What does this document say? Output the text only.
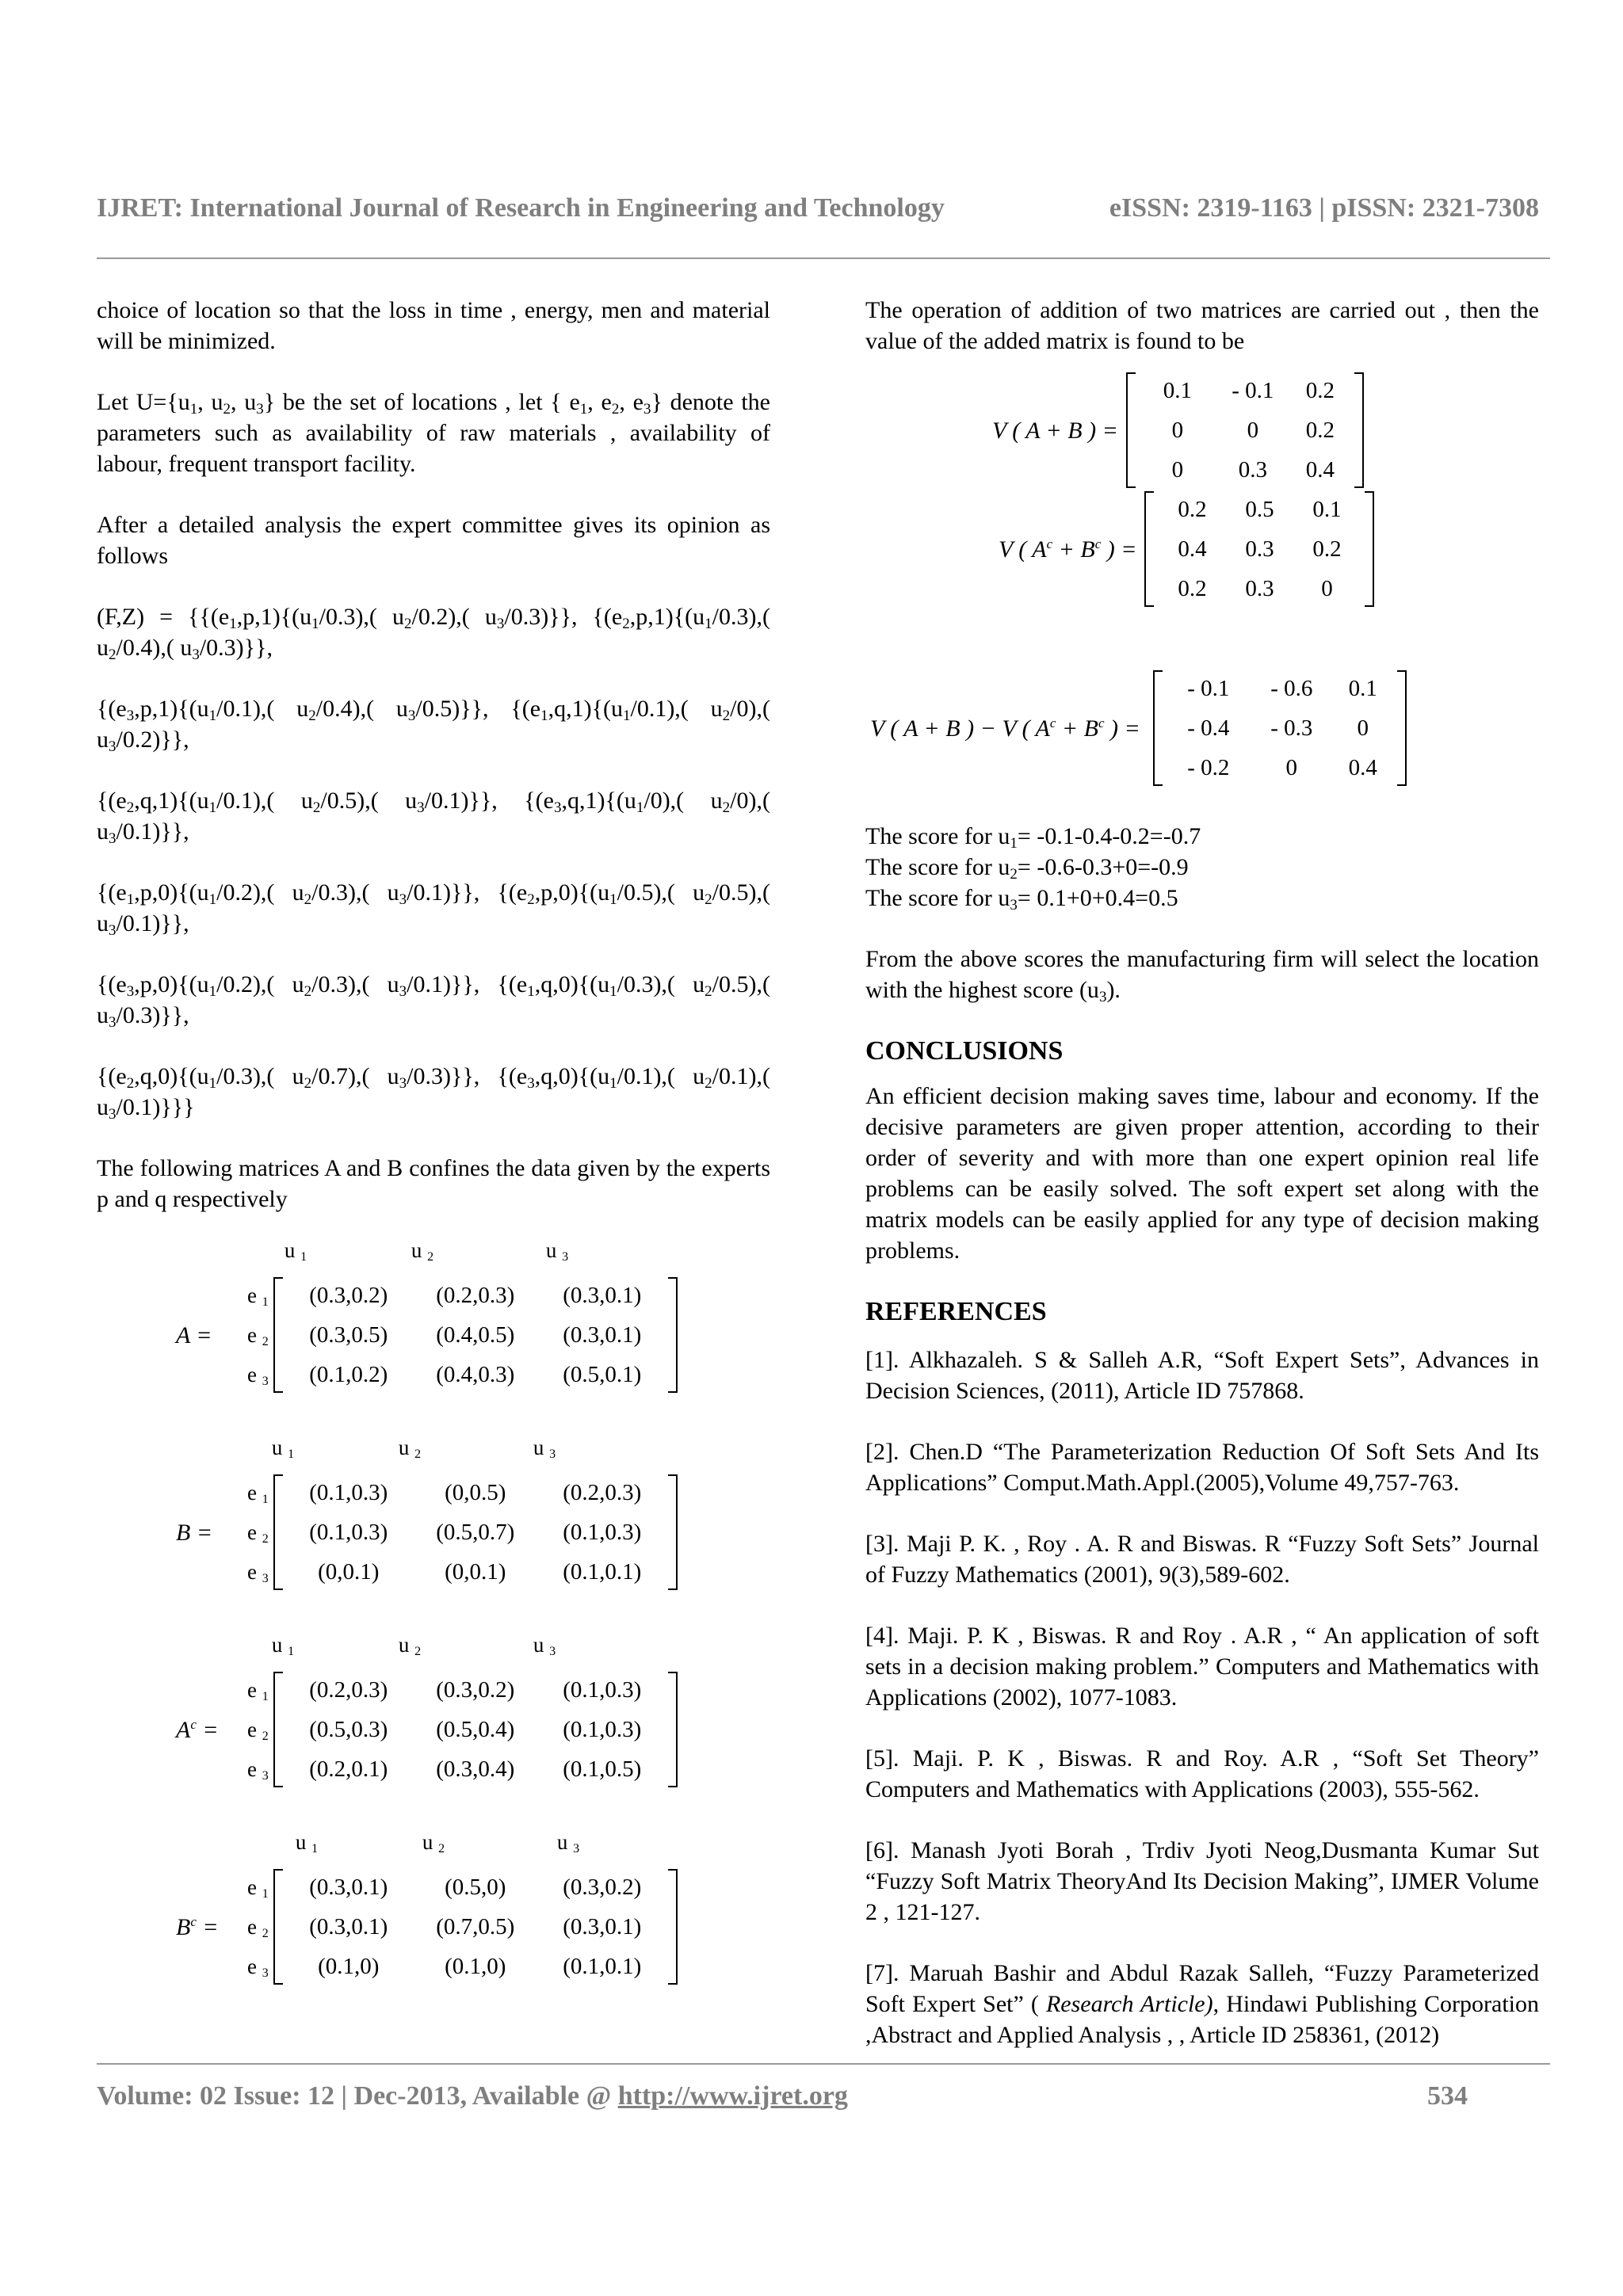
IJRET: International Journal of Research in Engineering and Technology	eISSN: 2319-1163 | pISSN: 2321-7308

choice of location so that the loss in time , energy, men and material will be minimized.

Let $U=\{u_1$, $u_2$, $u_3$} be the set of locations , let { $e_1$, $e_2$, $e_3$} denote the parameters such as availability of raw materials , availability of labour, frequent transport facility.

After a detailed analysis the expert committee gives its opinion as follows

$(F,Z) = \{\{(e_1,p,1)\{(u_1/0.3)$,( $u_2/0.2$),( $u_3/0.3$)}}, {$(e_2,p,1)\{(u_1/0.3)$,( $u_2/0.4$),( $u_3/0.3$)}},

{$(e_3,p,1)\{(u_1/0.1)$,( $u_2/0.4$),( $u_3/0.5$)}}, {$(e_1,q,1)\{(u_1/0.1)$,( $u_2/0$),( $u_3/0.2$)}},

{$(e_2,q,1)\{(u_1/0.1)$,( $u_2/0.5$),( $u_3/0.1$)}}, {$(e_3,q,1)\{(u_1/0)$,( $u_2/0$),( $u_3/0.1$)}},

{$(e_1,p,0)\{(u_1/0.2)$,( $u_2/0.3$),( $u_3/0.1$)}}, {$(e_2,p,0)\{(u_1/0.5)$,( $u_2/0.5$),( $u_3/0.1$)}},

{$(e_3,p,0)\{(u_1/0.2)$,( $u_2/0.3$),( $u_3/0.1$)}}, {$(e_1,q,0)\{(u_1/0.3)$,( $u_2/0.5$),( $u_3/0.3$)}},

{$(e_2,q,0)\{(u_1/0.3)$,( $u_2/0.7$),( $u_3/0.3$)}}, {$(e_3,q,0)\{(u_1/0.1)$,( $u_2/0.1$),( $u_3/0.1$)}}}

The following matrices A and B confines the data given by the experts p and q respectively

u 1	u 2	u 3
A =
e 1
e 2
e 3
(0.3,0.2)	(0.2,0.3)	(0.3,0.1)
(0.3,0.5)	(0.4,0.5)	(0.3,0.1)
(0.1,0.2)	(0.4,0.3)	(0.5,0.1)
u 1	u 2	u 3
B =
e 1
e 2
e 3
(0.1,0.3)	(0,0.5)	(0.2,0.3)
(0.1,0.3)	(0.5,0.7)	(0.1,0.3)
(0,0.1)	(0,0.1)	(0.1,0.1)
u 1	u 2	u 3
$A^c$ =
e 1
e 2
e 3
(0.2,0.3)	(0.3,0.2)	(0.1,0.3)
(0.5,0.3)	(0.5,0.4)	(0.1,0.3)
(0.2,0.1)	(0.3,0.4)	(0.1,0.5)
u 1	u 2	u 3
$B^c$ =
e 1
e 2
e 3
(0.3,0.1)	(0.5,0)	(0.3,0.2)
(0.3,0.1)	(0.7,0.5)	(0.3,0.1)
(0.1,0)	(0.1,0)	(0.1,0.1)

The operation of addition of two matrices are carried out , then the value of the added matrix is found to be

V ( A + B ) =
0.1	- 0.1	0.2
0	0	0.2
0	0.3	0.4
V ( $A^c + B^c$ ) =
0.2	0.5	0.1
0.4	0.3	0.2
0.2	0.3	0
V ( A + B ) − V ( $A^c + B^c$ ) =
- 0.1	- 0.6	0.1
- 0.4	- 0.3	0
- 0.2	0	0.4
The score for $u_1= -0.1-0.4-0.2=-0.7$
The score for $u_2= -0.6-0.3+0=-0.9$
The score for $u_3= 0.1+0+0.4=0.5$

From the above scores the manufacturing firm will select the location with the highest score $(u_3)$.

CONCLUSIONS

An efficient decision making saves time, labour and economy. If the decisive parameters are given proper attention, according to their order of severity and with more than one expert opinion real life problems can be easily solved. The soft expert set along with the matrix models can be easily applied for any type of decision making problems.

REFERENCES

[1]. Alkhazaleh. S & Salleh A.R, “Soft Expert Sets”, Advances in Decision Sciences, (2011), Article ID 757868.

[2]. Chen.D “The Parameterization Reduction Of Soft Sets And Its Applications” Comput.Math.Appl.(2005),Volume 49,757-763.

[3]. Maji P. K. , Roy . A. R and Biswas. R “Fuzzy Soft Sets” Journal of Fuzzy Mathematics (2001), 9(3),589-602.

[4]. Maji. P. K , Biswas. R and Roy . A.R , “ An application of soft sets in a decision making problem.” Computers and Mathematics with Applications (2002), 1077-1083.

[5]. Maji. P. K , Biswas. R and Roy. A.R , “Soft Set Theory” Computers and Mathematics with Applications (2003), 555-562.

[6]. Manash Jyoti Borah , Trdiv Jyoti Neog,Dusmanta Kumar Sut “Fuzzy Soft Matrix TheoryAnd Its Decision Making”, IJMER Volume 2 , 121-127.

[7]. Maruah Bashir and Abdul Razak Salleh, “Fuzzy Parameterized Soft Expert Set” ( Research Article), Hindawi Publishing Corporation ,Abstract and Applied Analysis , , Article ID 258361, (2012)

Volume: 02 Issue: 12 | Dec-2013, Available @ http://www.ijret.org	534
